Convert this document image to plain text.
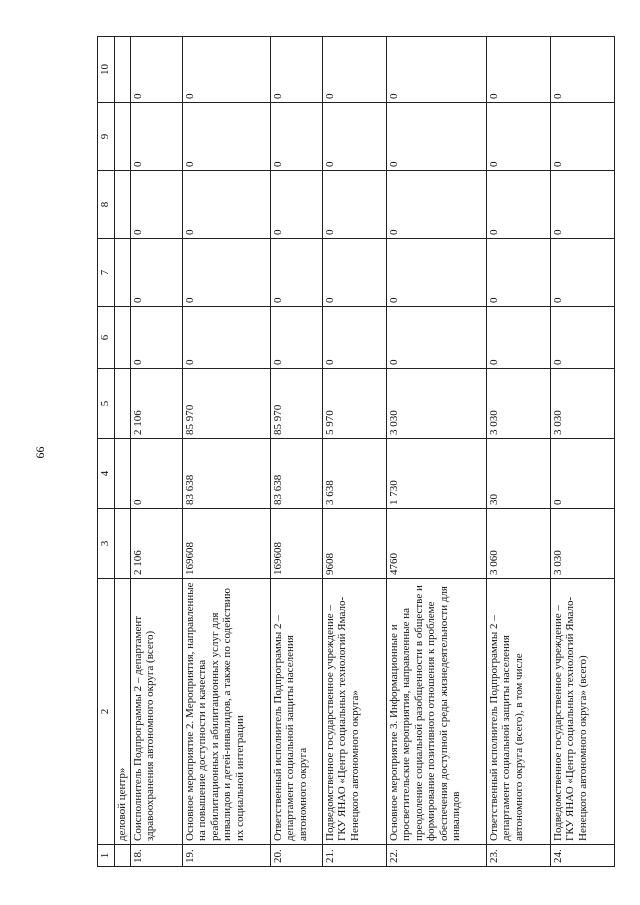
99
1	2	3	4	5	6	7	8	9	10
	деловой центр»								
18.	Соисполнитель Подпрограммы 2 – департамент здравоохранения автономного округа (всего)	2 106	0	2 106	0	0	0	0	0
19.	Основное мероприятие 2. Мероприятия, направленные на повышение доступности и качества реабилитационных и абилитационных услуг для инвалидов и детей-инвалидов, а также по содействию их социальной интеграции	169608	83 638	85 970	0	0	0	0	0
20.	Ответственный исполнитель Подпрограммы 2 – департамент социальной защиты населения автономного округа	169608	83 638	85 970	0	0	0	0	0
21.	Подведомственное государственное учреждение – ГКУ ЯНАО «Центр социальных технологий Ямало-Ненецкого автономного округа»	9608	3 638	5 970	0	0	0	0	0
22.	Основное мероприятие 3. Информационные и просветительские мероприятия, направленные на преодоление социальной разобщенности в обществе и формирование позитивного отношения к проблеме обеспечения доступной среды жизнедеятельности для инвалидов	4760	1 730	3 030	0	0	0	0	0
23.	Ответственный исполнитель Подпрограммы 2 – департамент социальной защиты населения автономного округа (всего), в том числе	3 060	30	3 030	0	0	0	0	0
24.	Подведомственное государственное учреждение – ГКУ ЯНАО «Центр социальных технологий Ямало-Ненецкого автономного округа» (всего)	3 030	0	3 030	0	0	0	0	0
